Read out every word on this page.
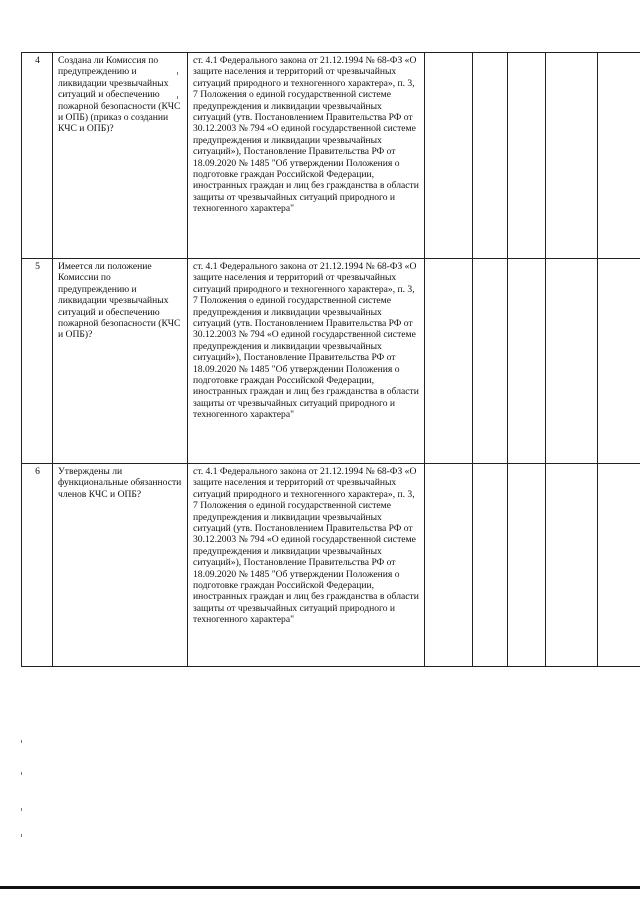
4	Создана ли Комиссия по предупреждению и ликвидации чрезвычайных ситуаций и обеспечению пожарной безопасности (КЧС и ОПБ) (приказ о создании КЧС и ОПБ)?	ст. 4.1 Федерального закона от 21.12.1994 № 68-ФЗ «О защите населения и территорий от чрезвычайных ситуаций природного и техногенного характера», п. 3, 7 Положения о единой государственной системе предупреждения и ликвидации чрезвычайных ситуаций (утв. Постановлением Правительства РФ от 30.12.2003 № 794 «О единой государственной системе предупреждения и ликвидации чрезвычайных ситуаций»), Постановление Правительства РФ от 18.09.2020 № 1485 "Об утверждении Положения о подготовке граждан Российской Федерации, иностранных граждан и лиц без гражданства в области защиты от чрезвычайных ситуаций природного и техногенного характера"					
5	Имеется ли положение Комиссии по предупреждению и ликвидации чрезвычайных ситуаций и обеспечению пожарной безопасности (КЧС и ОПБ)?	ст. 4.1 Федерального закона от 21.12.1994 № 68-ФЗ «О защите населения и территорий от чрезвычайных ситуаций природного и техногенного характера», п. 3, 7 Положения о единой государственной системе предупреждения и ликвидации чрезвычайных ситуаций (утв. Постановлением Правительства РФ от 30.12.2003 № 794 «О единой государственной системе предупреждения и ликвидации чрезвычайных ситуаций»), Постановление Правительства РФ от 18.09.2020 № 1485 "Об утверждении Положения о подготовке граждан Российской Федерации, иностранных граждан и лиц без гражданства в области защиты от чрезвычайных ситуаций природного и техногенного характера"					
6	Утверждены ли функциональные обязанности членов КЧС и ОПБ?	ст. 4.1 Федерального закона от 21.12.1994 № 68-ФЗ «О защите населения и территорий от чрезвычайных ситуаций природного и техногенного характера», п. 3, 7 Положения о единой государственной системе предупреждения и ликвидации чрезвычайных ситуаций (утв. Постановлением Правительства РФ от 30.12.2003 № 794 «О единой государственной системе предупреждения и ликвидации чрезвычайных ситуаций»), Постановление Правительства РФ от 18.09.2020 № 1485 "Об утверждении Положения о подготовке граждан Российской Федерации, иностранных граждан и лиц без гражданства в области защиты от чрезвычайных ситуаций природного и техногенного характера"					
